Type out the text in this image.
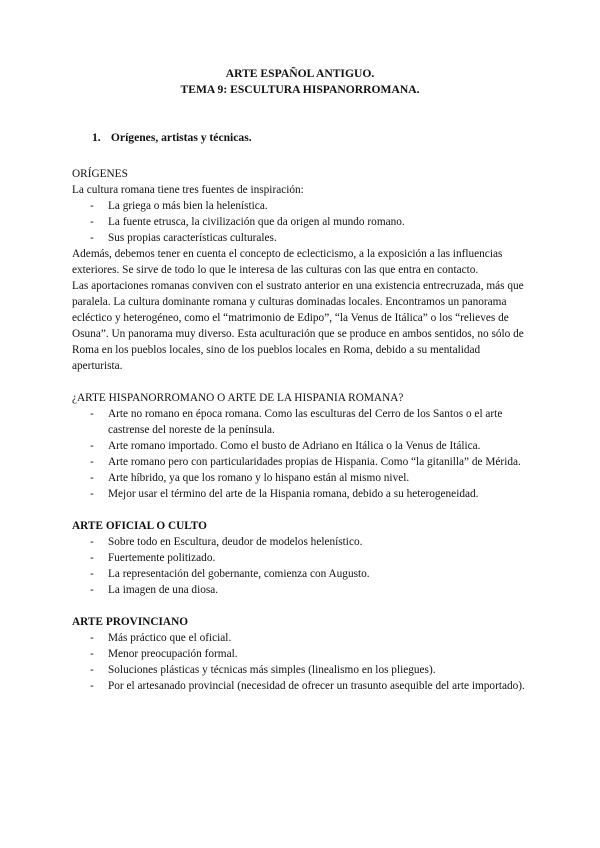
ARTE ESPAÑOL ANTIGUO.
TEMA 9: ESCULTURA HISPANORROMANA.
1. Orígenes, artistas y técnicas.
ORÍGENES

La cultura romana tiene tres fuentes de inspiración:

- La griega o más bien la helenística.
- La fuente etrusca, la civilización que da origen al mundo romano.
- Sus propias características culturales.

Además, debemos tener en cuenta el concepto de eclecticismo, a la exposición a las influencias exteriores. Se sirve de todo lo que le interesa de las culturas con las que entra en contacto.

Las aportaciones romanas conviven con el sustrato anterior en una existencia entrecruzada, más que paralela. La cultura dominante romana y culturas dominadas locales. Encontramos un panorama ecléctico y heterogéneo, como el “matrimonio de Edipo”, “la Venus de Itálica” o los “relieves de Osuna”. Un panorama muy diverso. Esta aculturación que se produce en ambos sentidos, no sólo de Roma en los pueblos locales, sino de los pueblos locales en Roma, debido a su mentalidad aperturista.

¿ARTE HISPANORROMANO O ARTE DE LA HISPANIA ROMANA?
- Arte no romano en época romana. Como las esculturas del Cerro de los Santos o el arte castrense del noreste de la península.
- Arte romano importado. Como el busto de Adriano en Itálica o la Venus de Itálica.
- Arte romano pero con particularidades propias de Hispania. Como “la gitanilla” de Mérida.
- Arte híbrido, ya que los romano y lo hispano están al mismo nivel.
- Mejor usar el término del arte de la Hispania romana, debido a su heterogeneidad.
ARTE OFICIAL O CULTO
- Sobre todo en Escultura, deudor de modelos helenístico.
- Fuertemente politizado.
- La representación del gobernante, comienza con Augusto.
- La imagen de una diosa.
ARTE PROVINCIANO
- Más práctico que el oficial.
- Menor preocupación formal.
- Soluciones plásticas y técnicas más simples (linealismo en los pliegues).
- Por el artesanado provincial (necesidad de ofrecer un trasunto asequible del arte importado).
